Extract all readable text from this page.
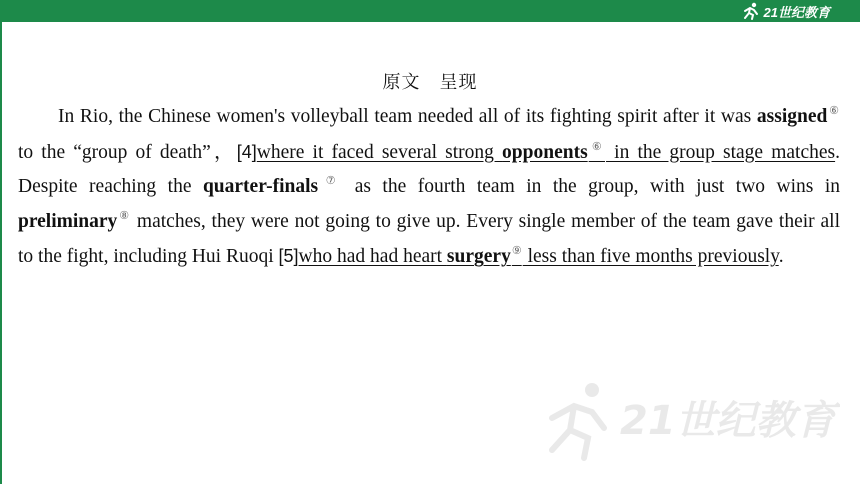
21世纪教育
原文　呈现
In Rio, the Chinese women's volleyball team needed all of its fighting spirit after it was assigned⑥ to the “group of death”，[4]where it faced several strong opponents⑥ in the group stage matches. Despite reaching the quarter-finals⑦ as the fourth team in the group, with just two wins in preliminary⑧ matches, they were not going to give up. Every single member of the team gave their all to the fight, including Hui Ruoqi [5]who had had heart surgery⑨ less than five months previously.
21世纪教育
